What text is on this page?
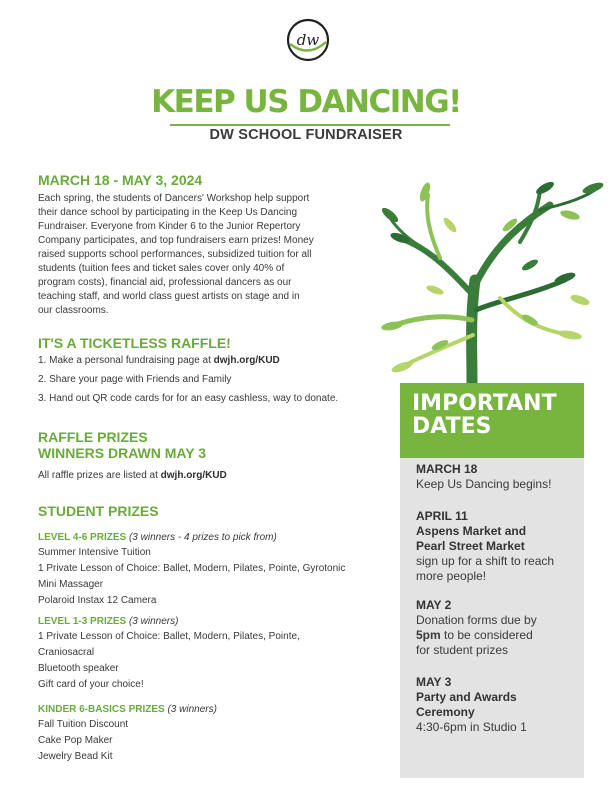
dw
KEEP US DANCING!
DW SCHOOL FUNDRAISER
MARCH 18 - MAY 3, 2024
Each spring, the students of Dancers' Workshop help support
their dance school by participating in the Keep Us Dancing
Fundraiser. Everyone from Kinder 6 to the Junior Repertory
Company participates, and top fundraisers earn prizes! Money
raised supports school performances, subsidized tuition for all
students (tuition fees and ticket sales cover only 40% of
program costs), financial aid, professional dancers as our
teaching staff, and world class guest artists on stage and in
our classrooms.
IT'S A TICKETLESS RAFFLE!
1. Make a personal fundraising page at dwjh.org/KUD
2. Share your page with Friends and Family
3. Hand out QR code cards for for an easy cashless, way to donate.
RAFFLE PRIZES
WINNERS DRAWN MAY 3
All raffle prizes are listed at dwjh.org/KUD
STUDENT PRIZES
LEVEL 4-6 PRIZES (3 winners - 4 prizes to pick from)
Summer Intensive Tuition
1 Private Lesson of Choice: Ballet, Modern, Pilates, Pointe, Gyrotonic
Mini Massager
Polaroid Instax 12 Camera
LEVEL 1-3 PRIZES (3 winners)
1 Private Lesson of Choice: Ballet, Modern, Pilates, Pointe,
Craniosacral
Bluetooth speaker
Gift card of your choice!
KINDER 6-BASICS PRIZES (3 winners)
Fall Tuition Discount
Cake Pop Maker
Jewelry Bead Kit
IMPORTANT
DATES
MARCH 18
Keep Us Dancing begins!
APRIL 11
Aspens Market and
Pearl Street Market
sign up for a shift to reach
more people!
MAY 2
Donation forms due by
5pm to be considered
for student prizes
MAY 3
Party and Awards
Ceremony
4:30-6pm in Studio 1
